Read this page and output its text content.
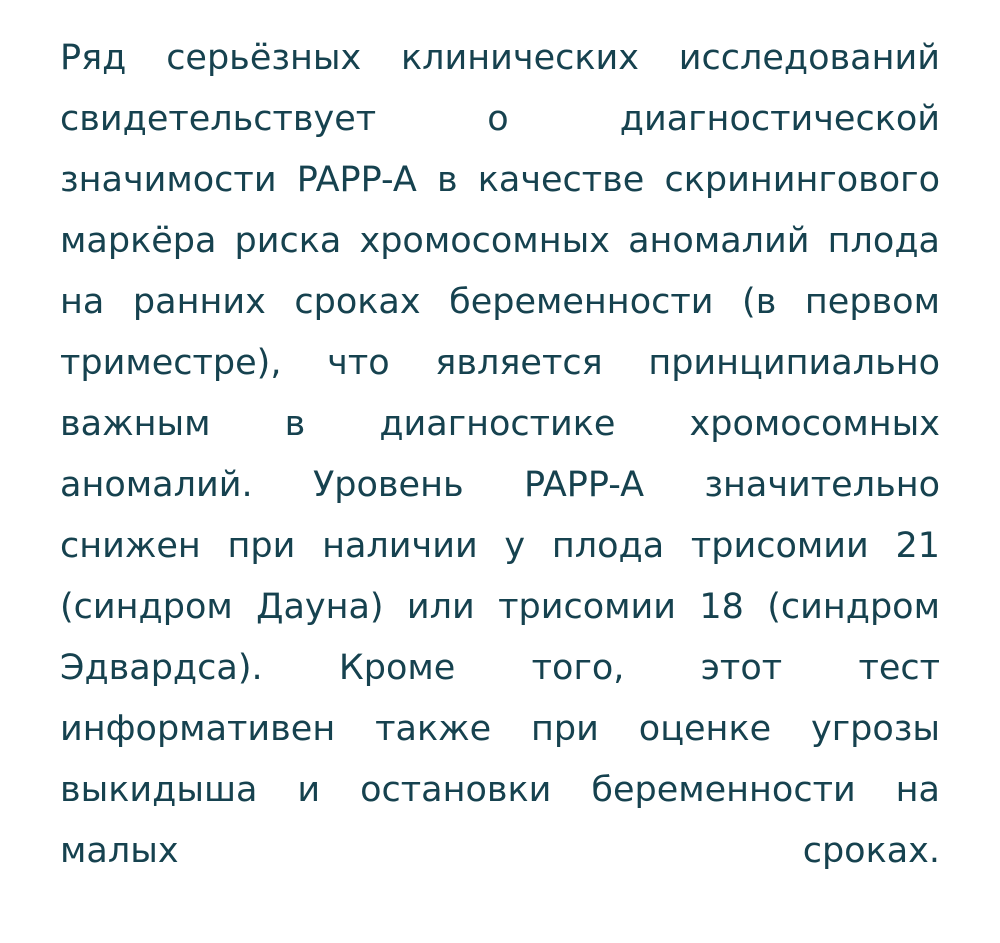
Ряд серьёзных клинических исследований свидетельствует о диагностической значимости PAPP-A в качестве скринингового маркёра риска хромосомных аномалий плода на ранних сроках беременности (в первом триместре), что является принципиально важным в диагностике хромосомных аномалий. Уровень PAPP-A значительно снижен при наличии у плода трисомии 21 (синдром Дауна) или трисомии 18 (синдром Эдвардса). Кроме того, этот тест информативен также при оценке угрозы выкидыша и остановки беременности на малых сроках.
